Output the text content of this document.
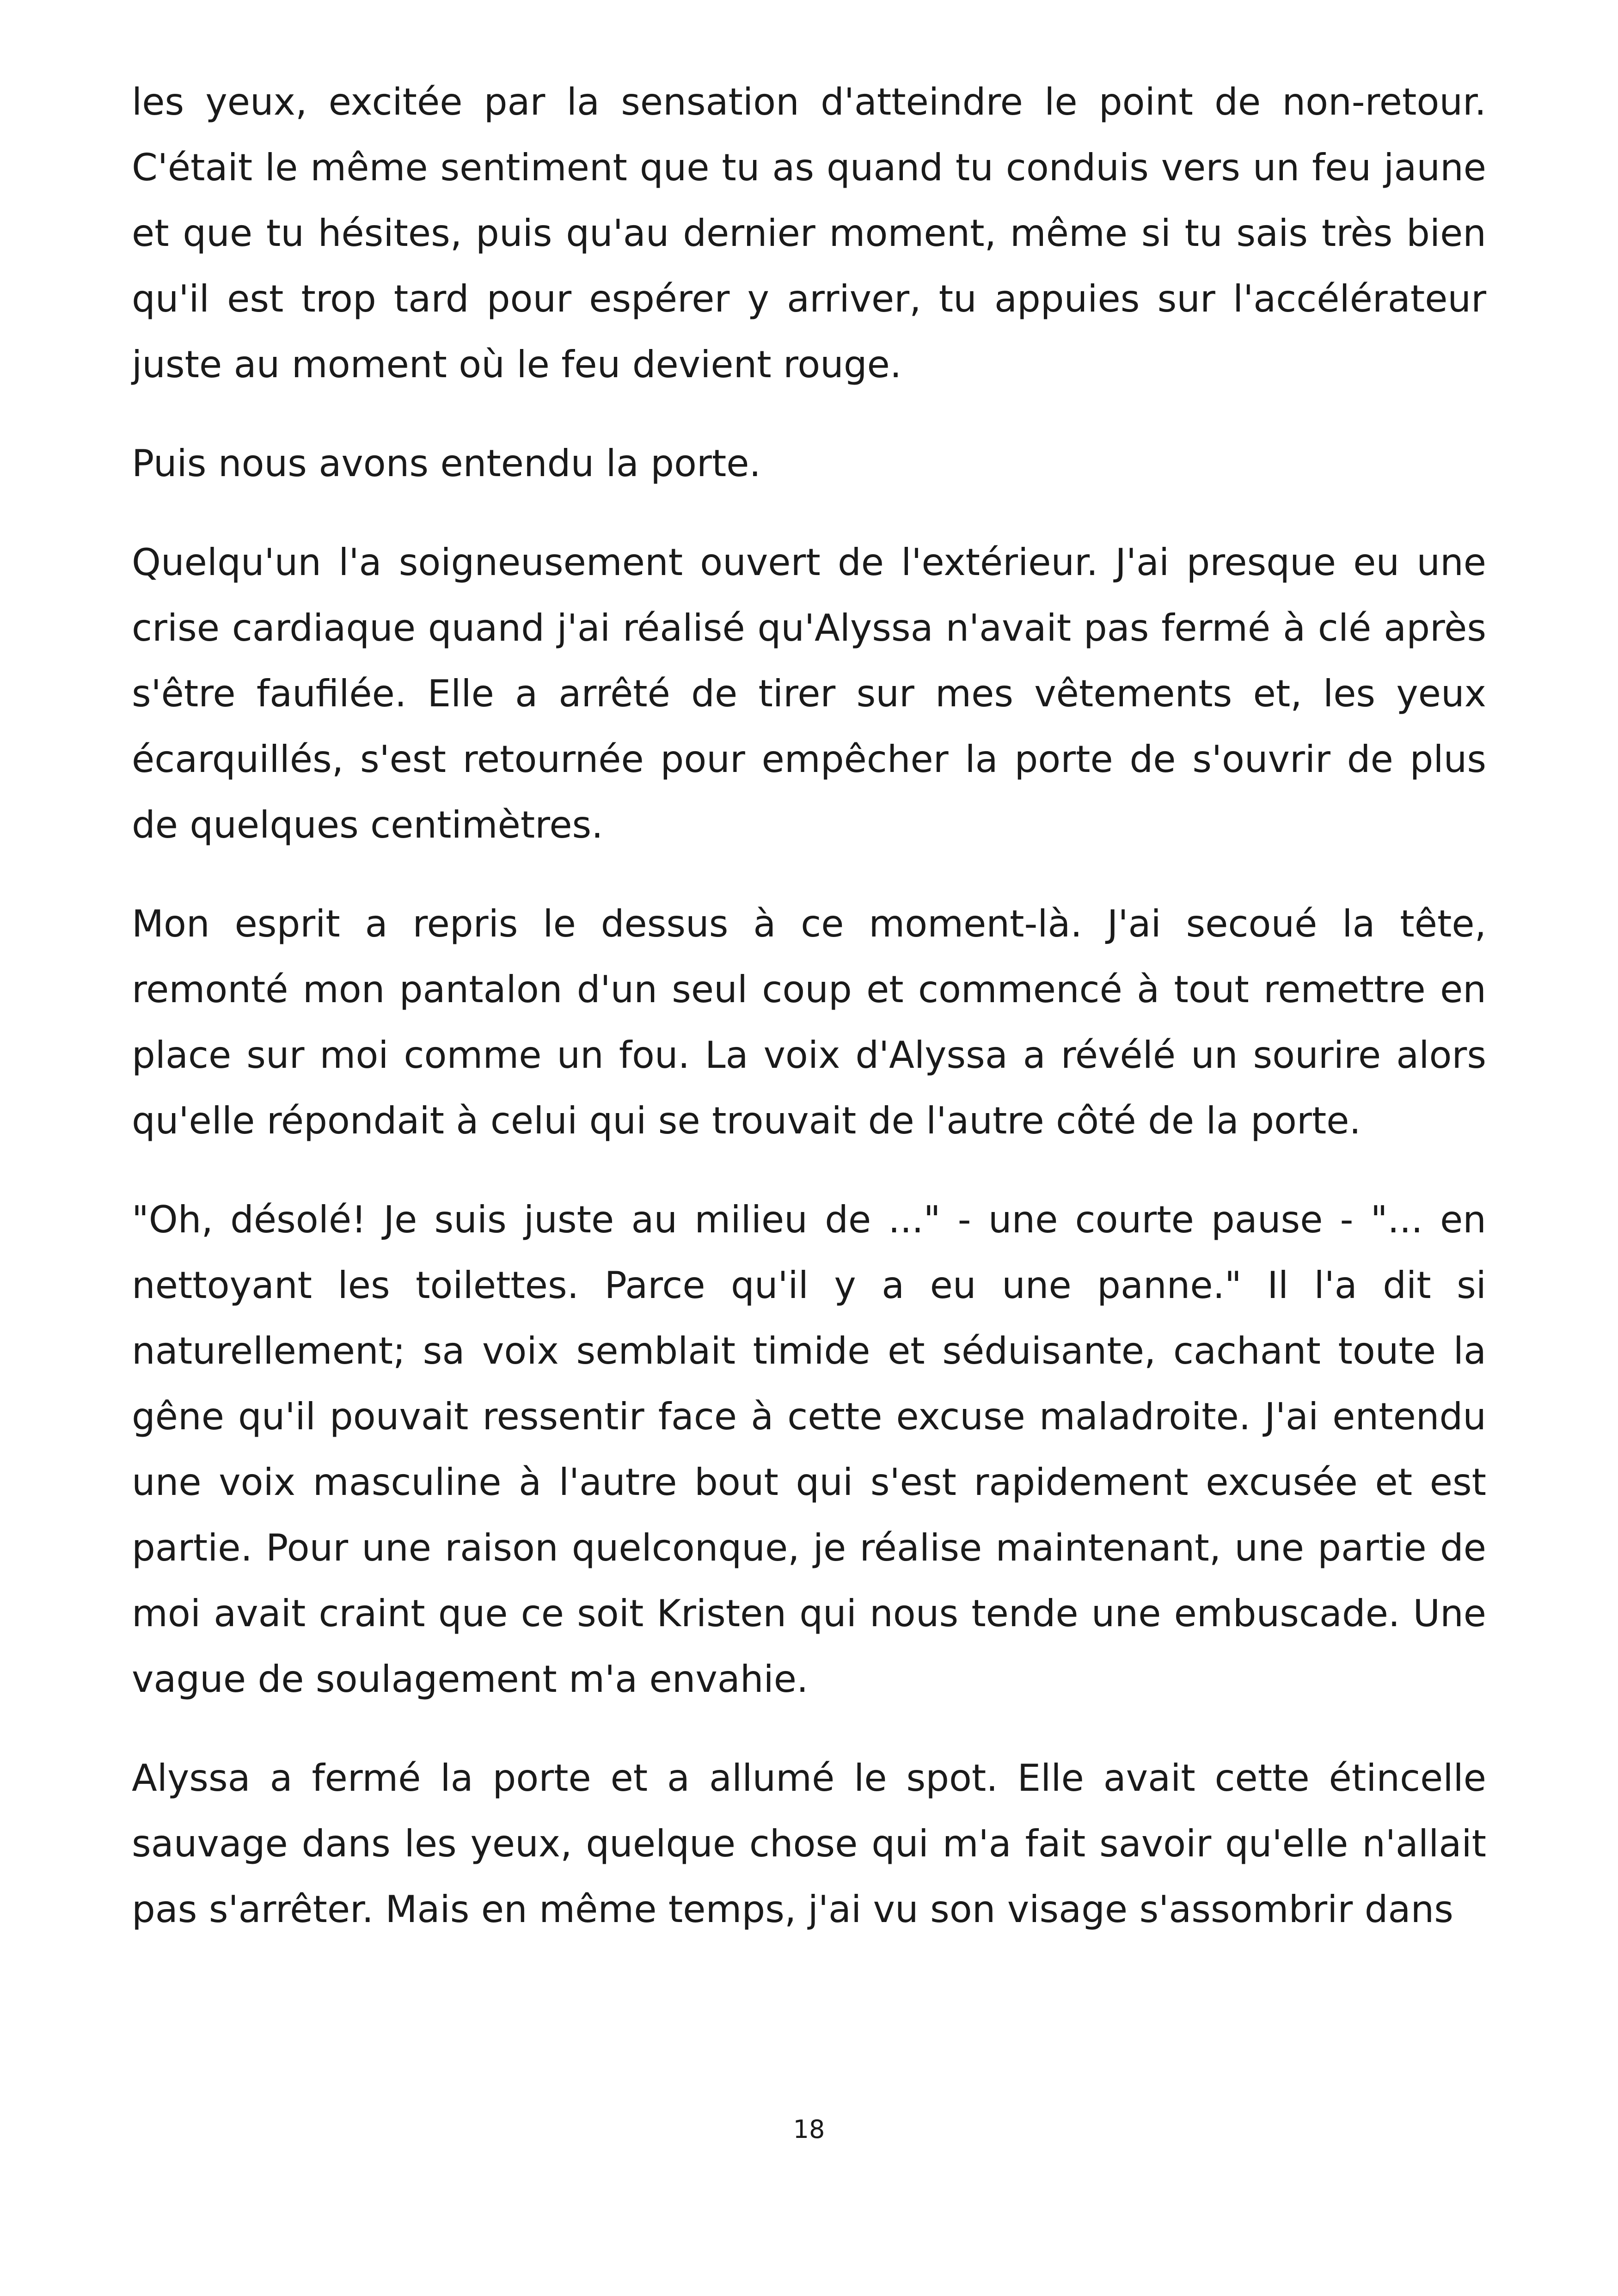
les yeux, excitée par la sensation d'atteindre le point de non-retour. C'était le même sentiment que tu as quand tu conduis vers un feu jaune et que tu hésites, puis qu'au dernier moment, même si tu sais très bien qu'il est trop tard pour espérer y arriver, tu appuies sur l'accélérateur juste au moment où le feu devient rouge.

Puis nous avons entendu la porte.

Quelqu'un l'a soigneusement ouvert de l'extérieur. J'ai presque eu une crise cardiaque quand j'ai réalisé qu'Alyssa n'avait pas fermé à clé après s'être faufilée. Elle a arrêté de tirer sur mes vêtements et, les yeux écarquillés, s'est retournée pour empêcher la porte de s'ouvrir de plus de quelques centimètres.

Mon esprit a repris le dessus à ce moment-là. J'ai secoué la tête, remonté mon pantalon d'un seul coup et commencé à tout remettre en place sur moi comme un fou. La voix d'Alyssa a révélé un sourire alors qu'elle répondait à celui qui se trouvait de l'autre côté de la porte.

"Oh, désolé! Je suis juste au milieu de ..." - une courte pause - "... en nettoyant les toilettes. Parce qu'il y a eu une panne." Il l'a dit si naturellement; sa voix semblait timide et séduisante, cachant toute la gêne qu'il pouvait ressentir face à cette excuse maladroite. J'ai entendu une voix masculine à l'autre bout qui s'est rapidement excusée et est partie. Pour une raison quelconque, je réalise maintenant, une partie de moi avait craint que ce soit Kristen qui nous tende une embuscade. Une vague de soulagement m'a envahie.

Alyssa a fermé la porte et a allumé le spot. Elle avait cette étincelle sauvage dans les yeux, quelque chose qui m'a fait savoir qu'elle n'allait pas s'arrêter. Mais en même temps, j'ai vu son visage s'assombrir dans

18
